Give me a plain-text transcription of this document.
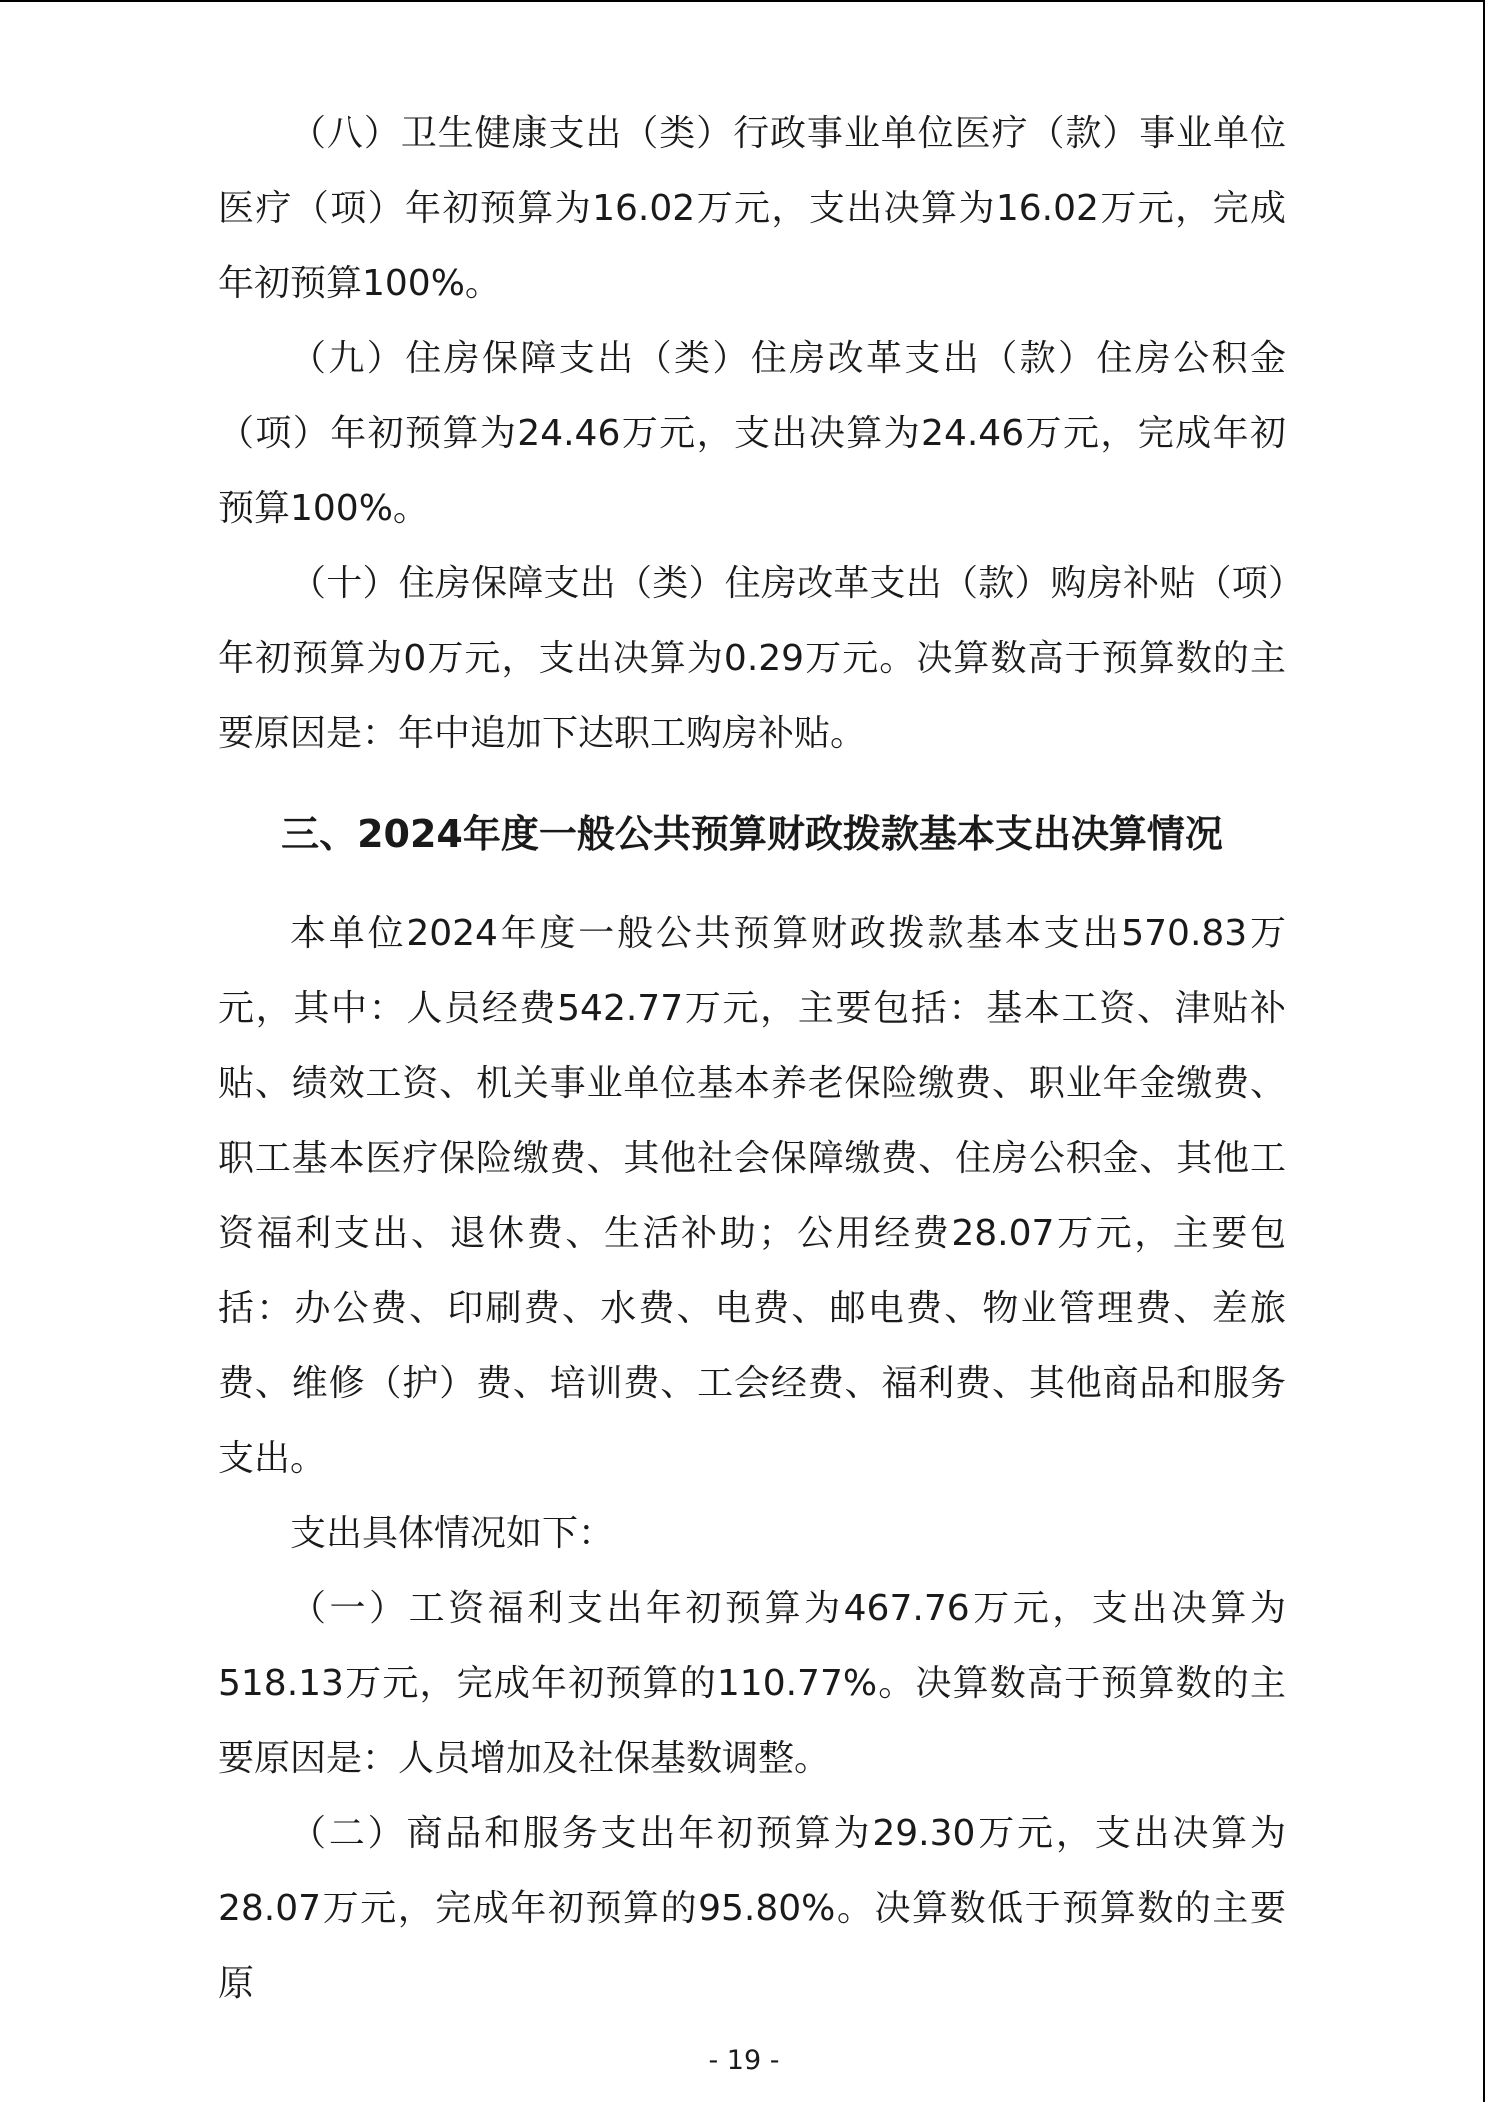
（八）卫生健康支出（类）行政事业单位医疗（款）事业单位医疗（项）年初预算为16.02万元，支出决算为16.02万元，完成年初预算100%。

（九）住房保障支出（类）住房改革支出（款）住房公积金（项）年初预算为24.46万元，支出决算为24.46万元，完成年初预算100%。

（十）住房保障支出（类）住房改革支出（款）购房补贴（项）年初预算为0万元，支出决算为0.29万元。决算数高于预算数的主要原因是：年中追加下达职工购房补贴。

三、2024年度一般公共预算财政拨款基本支出决算情况

本单位2024年度一般公共预算财政拨款基本支出570.83万元，其中：人员经费542.77万元，主要包括：基本工资、津贴补贴、绩效工资、机关事业单位基本养老保险缴费、职业年金缴费、职工基本医疗保险缴费、其他社会保障缴费、住房公积金、其他工资福利支出、退休费、生活补助；公用经费28.07万元，主要包括：办公费、印刷费、水费、电费、邮电费、物业管理费、差旅费、维修（护）费、培训费、工会经费、福利费、其他商品和服务支出。

支出具体情况如下：

（一）工资福利支出年初预算为467.76万元，支出决算为518.13万元，完成年初预算的110.77%。决算数高于预算数的主要原因是：人员增加及社保基数调整。

（二）商品和服务支出年初预算为29.30万元，支出决算为28.07万元，完成年初预算的95.80%。决算数低于预算数的主要原

- 19 -
